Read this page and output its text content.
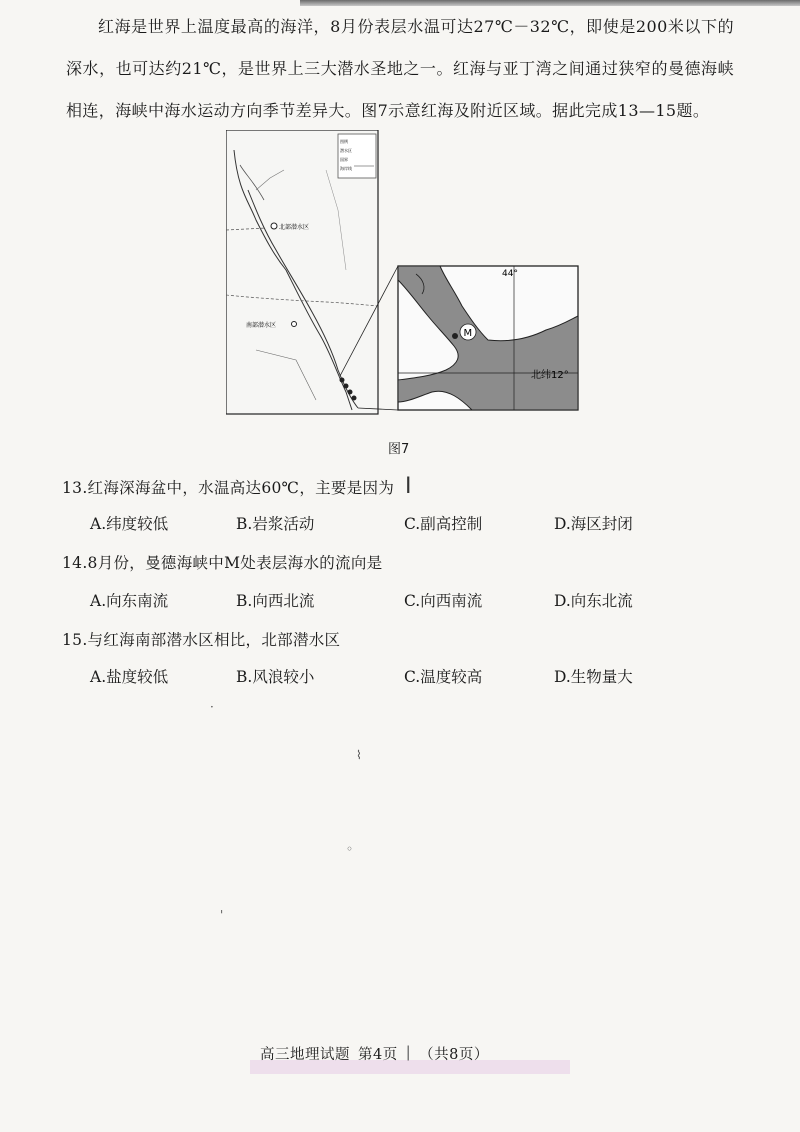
红海是世界上温度最高的海洋，8月份表层水温可达27℃－32℃，即使是200米以下的深水，也可达约21℃，是世界上三大潜水圣地之一。红海与亚丁湾之间通过狭窄的曼德海峡相连，海峡中海水运动方向季节差异大。图7示意红海及附近区域。据此完成13—15题。

图例
潜水区
国界
海岸线
北部潜水区
南部潜水区
44°
北纬12°
M
图7
13.红海深海盆中，水温高达60℃，主要是因为 I
A.纬度较低	B.岩浆活动	C.副高控制	D.海区封闭
14.8月份，曼德海峡中M处表层海水的流向是
A.向东南流	B.向西北流	C.向西南流	D.向东北流
15.与红海南部潜水区相比，北部潜水区
A.盐度较低	B.风浪较小	C.温度较高	D.生物量大
·
⌇
◦
'
高三地理试题 第4页 | （共8页）
